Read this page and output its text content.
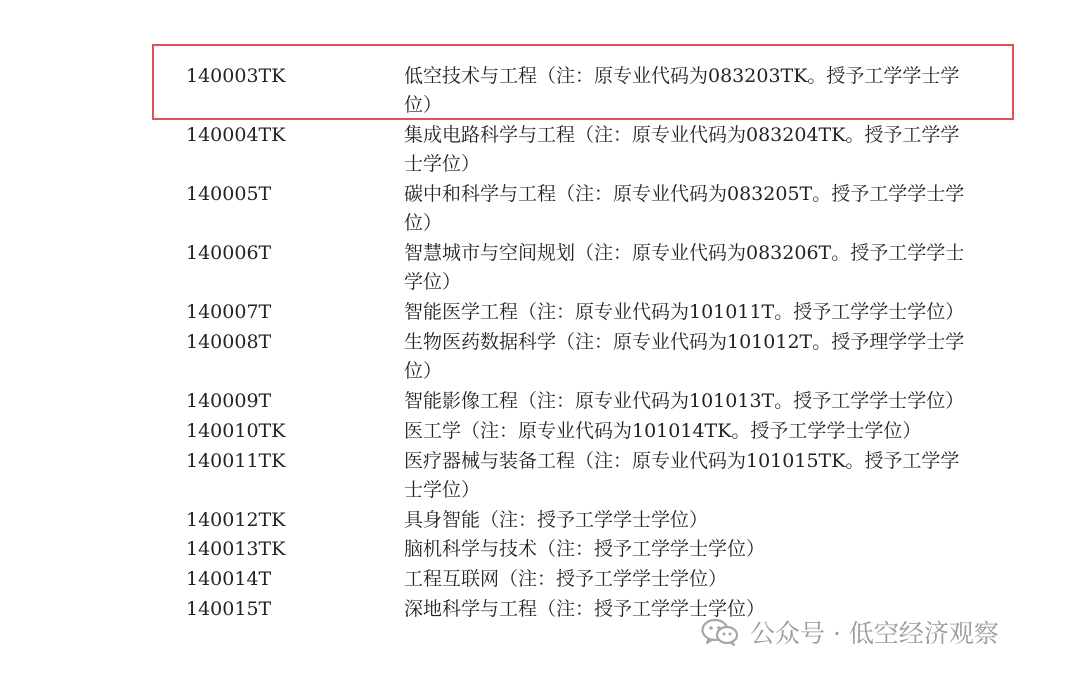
140003TK	低空技术与工程（注：原专业代码为083203TK。授予工学学士学位）
140004TK	集成电路科学与工程（注：原专业代码为083204TK。授予工学学士学位）
140005T	碳中和科学与工程（注：原专业代码为083205T。授予工学学士学位）
140006T	智慧城市与空间规划（注：原专业代码为083206T。授予工学学士学位）
140007T	智能医学工程（注：原专业代码为101011T。授予工学学士学位）
140008T	生物医药数据科学（注：原专业代码为101012T。授予理学学士学位）
140009T	智能影像工程（注：原专业代码为101013T。授予工学学士学位）
140010TK	医工学（注：原专业代码为101014TK。授予工学学士学位）
140011TK	医疗器械与装备工程（注：原专业代码为101015TK。授予工学学士学位）
140012TK	具身智能（注：授予工学学士学位）
140013TK	脑机科学与技术（注：授予工学学士学位）
140014T	工程互联网（注：授予工学学士学位）
140015T	深地科学与工程（注：授予工学学士学位）
公众号 · 低空经济观察
